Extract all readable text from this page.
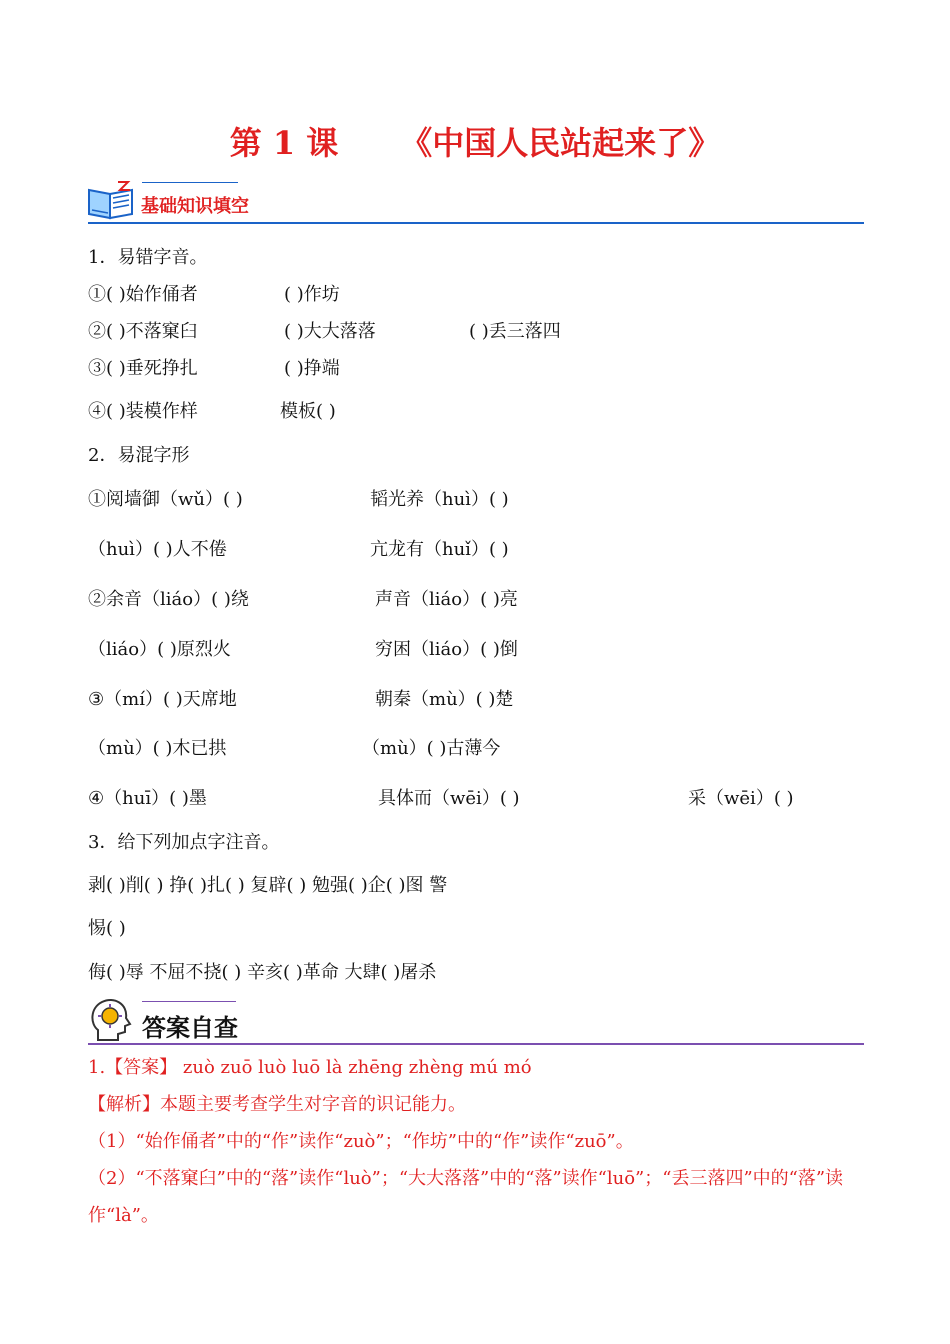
第 1 课 《中国人民站起来了》
基础知识填空
1．易错字音。
①( )始作俑者	( )作坊
②( )不落窠臼	( )大大落落	( )丢三落四
③( )垂死挣扎	( )挣端
④( )装模作样	模板( )
2．易混字形
①阅墙御（wǔ）( )	韬光养（huì）( )
（huì）( )人不倦	亢龙有（huǐ）( )
②余音（liáo）( )绕	声音（liáo）( )亮
（liáo）( )原烈火	穷困（liáo）( )倒
③（mí）( )天席地	朝秦（mù）( )楚
（mù）( )木已拱	（mù）( )古薄今
④（huī）( )墨	具体而（wēi）( )	采（wēi）( )
3．给下列加点字注音。
剥( )削( ) 挣( )扎( ) 复辟( ) 勉强( )企( )图 警
惕( )
侮( )辱 不屈不挠( ) 辛亥( )革命 大肆( )屠杀
答案自查
1.【答案】 zuò zuō luò luō là zhēng zhèng mú mó
【解析】本题主要考查学生对字音的识记能力。
（1）“始作俑者”中的“作”读作“zuò”；“作坊”中的“作”读作“zuō”。
（2）“不落窠臼”中的“落”读作“luò”；“大大落落”中的“落”读作“luō”；“丢三落四”中的“落”读
作“là”。
